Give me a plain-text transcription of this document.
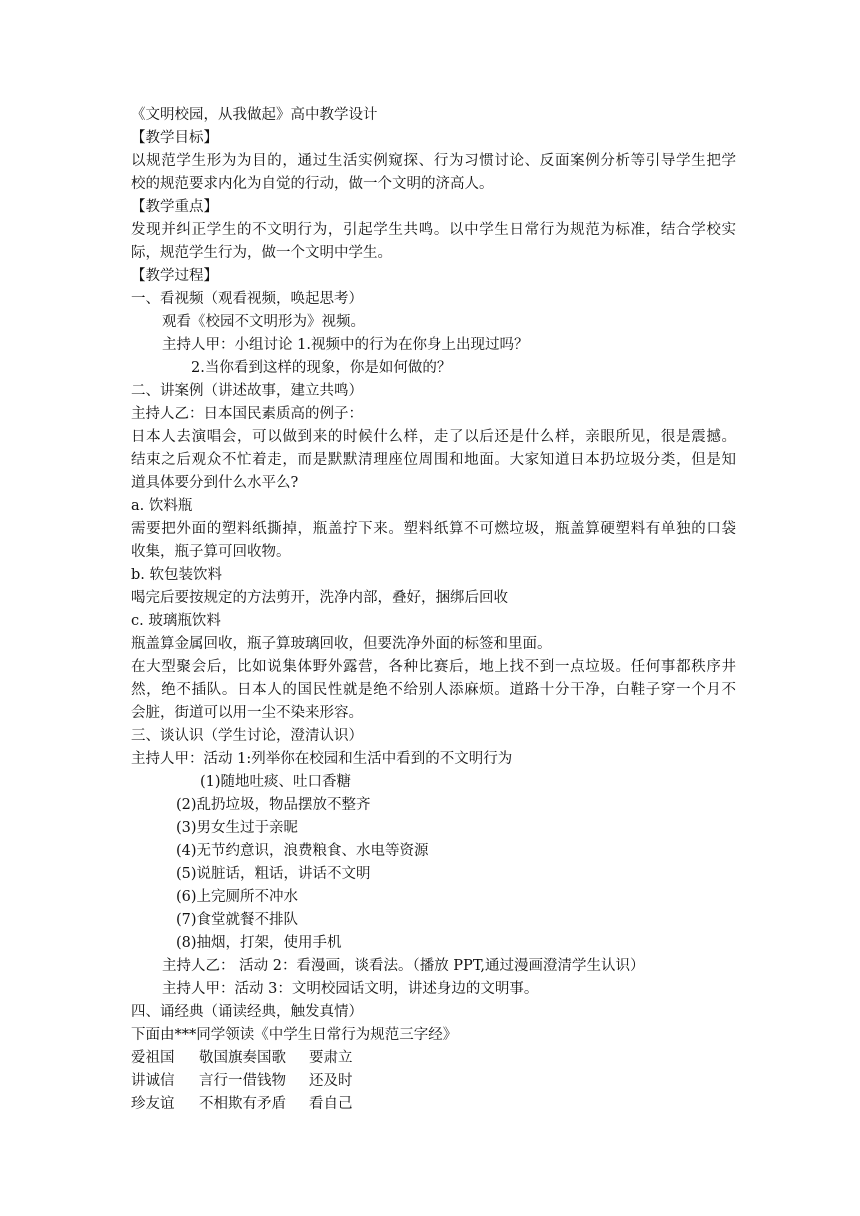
《文明校园，从我做起》高中教学设计
【教学目标】
以规范学生形为为目的，通过生活实例窥探、行为习惯讨论、反面案例分析等引导学生把学
校的规范要求内化为自觉的行动，做一个文明的济高人。
【教学重点】
发现并纠正学生的不文明行为，引起学生共鸣。以中学生日常行为规范为标准，结合学校实
际，规范学生行为，做一个文明中学生。
【教学过程】
一、看视频（观看视频，唤起思考）
观看《校园不文明形为》视频。
主持人甲：小组讨论 1.视频中的行为在你身上出现过吗？
2.当你看到这样的现象，你是如何做的？
二、讲案例（讲述故事，建立共鸣）
主持人乙：日本国民素质高的例子：
日本人去演唱会，可以做到来的时候什么样，走了以后还是什么样，亲眼所见，很是震撼。
结束之后观众不忙着走，而是默默清理座位周围和地面。大家知道日本扔垃圾分类，但是知
道具体要分到什么水平么?
a. 饮料瓶
需要把外面的塑料纸撕掉，瓶盖拧下来。塑料纸算不可燃垃圾，瓶盖算硬塑料有单独的口袋
收集，瓶子算可回收物。
b. 软包装饮料
喝完后要按规定的方法剪开，洗净内部，叠好，捆绑后回收
c. 玻璃瓶饮料
瓶盖算金属回收，瓶子算玻璃回收，但要洗净外面的标签和里面。
在大型聚会后，比如说集体野外露营，各种比赛后，地上找不到一点垃圾。任何事都秩序井
然，绝不插队。日本人的国民性就是绝不给别人添麻烦。道路十分干净，白鞋子穿一个月不
会脏，街道可以用一尘不染来形容。
三、谈认识（学生讨论，澄清认识）
主持人甲：活动 1:列举你在校园和生活中看到的不文明行为
(1)随地吐痰、吐口香糖
(2)乱扔垃圾，物品摆放不整齐
(3)男女生过于亲昵
(4)无节约意识，浪费粮食、水电等资源
(5)说脏话，粗话，讲话不文明
(6)上完厕所不冲水
(7)食堂就餐不排队
(8)抽烟，打架，使用手机
主持人乙： 活动 2：看漫画，谈看法。（播放 PPT,通过漫画澄清学生认识）
主持人甲：活动 3：文明校园话文明，讲述身边的文明事。
四、诵经典（诵读经典，触发真情）
下面由***同学领读《中学生日常行为规范三字经》
爱祖国 敬国旗奏国歌 要肃立
讲诚信 言行一借钱物 还及时
珍友谊 不相欺有矛盾 看自己
